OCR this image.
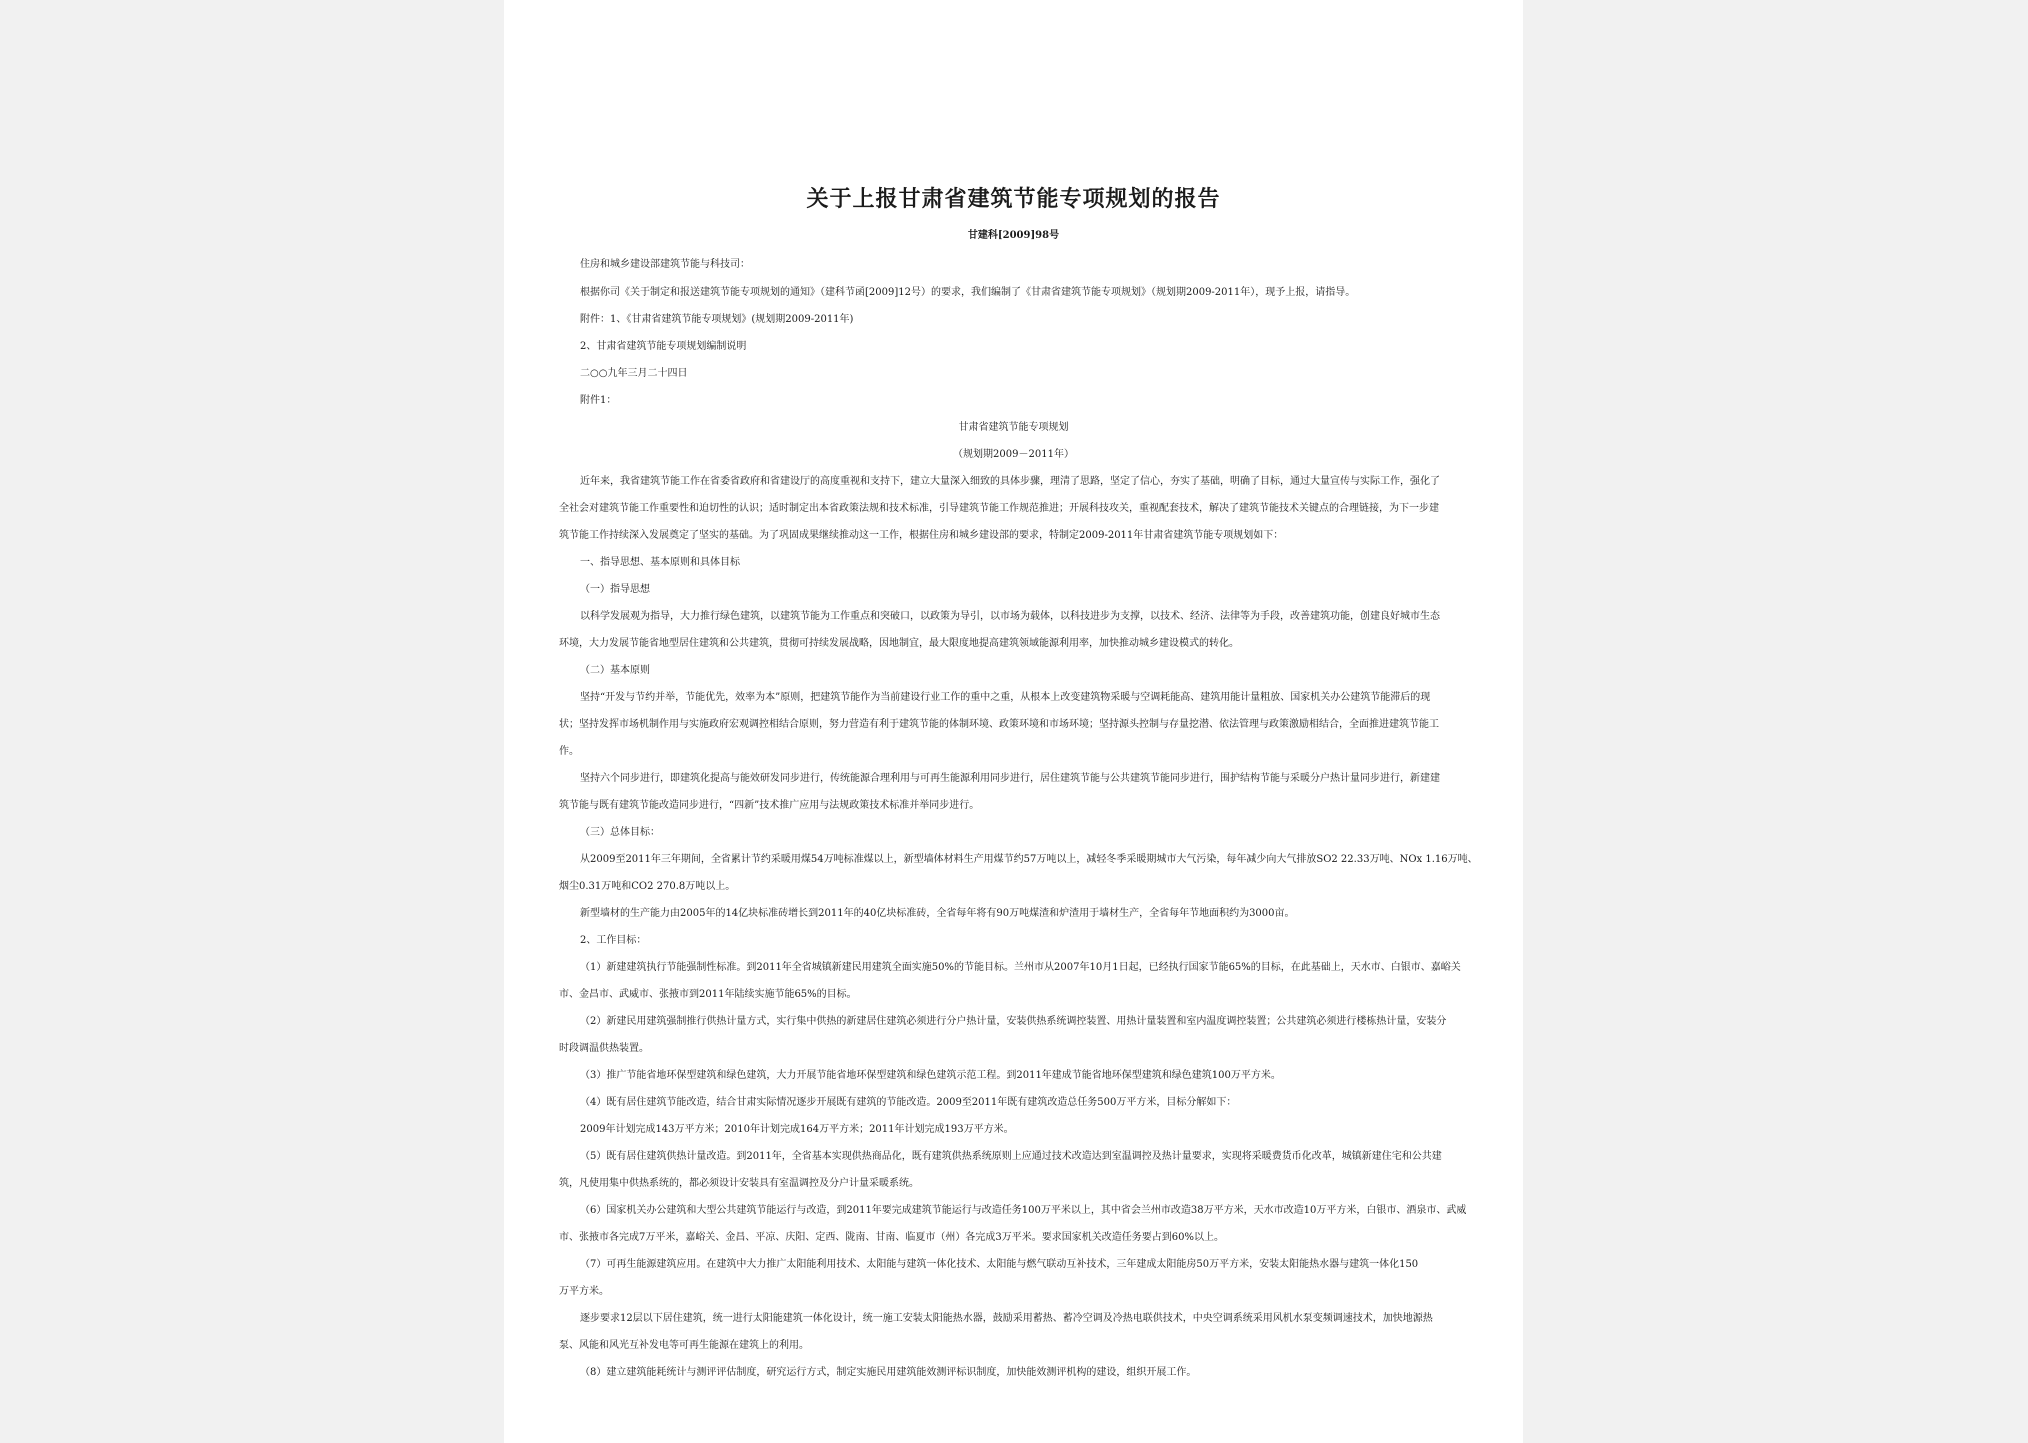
关于上报甘肃省建筑节能专项规划的报告
甘建科[2009]98号
住房和城乡建设部建筑节能与科技司：
根据你司《关于制定和报送建筑节能专项规划的通知》（建科节函[2009]12号）的要求，我们编制了《甘肃省建筑节能专项规划》（规划期2009-2011年），现予上报，请指导。
附件：1、《甘肃省建筑节能专项规划》(规划期2009-2011年)
2、甘肃省建筑节能专项规划编制说明
二○○九年三月二十四日
附件1：
甘肃省建筑节能专项规划
（规划期2009－2011年）
近年来，我省建筑节能工作在省委省政府和省建设厅的高度重视和支持下，建立大量深入细致的具体步骤，理清了思路，坚定了信心，夯实了基础，明确了目标，通过大量宣传与实际工作，强化了
全社会对建筑节能工作重要性和迫切性的认识；适时制定出本省政策法规和技术标准，引导建筑节能工作规范推进；开展科技攻关，重视配套技术，解决了建筑节能技术关键点的合理链接，为下一步建
筑节能工作持续深入发展奠定了坚实的基础。为了巩固成果继续推动这一工作，根据住房和城乡建设部的要求，特制定2009-2011年甘肃省建筑节能专项规划如下：
一、指导思想、基本原则和具体目标
（一）指导思想
以科学发展观为指导，大力推行绿色建筑，以建筑节能为工作重点和突破口，以政策为导引，以市场为载体，以科技进步为支撑，以技术、经济、法律等为手段，改善建筑功能，创建良好城市生态
环境，大力发展节能省地型居住建筑和公共建筑，贯彻可持续发展战略，因地制宜，最大限度地提高建筑领域能源利用率，加快推动城乡建设模式的转化。
（二）基本原则
坚持“开发与节约并举，节能优先，效率为本”原则，把建筑节能作为当前建设行业工作的重中之重，从根本上改变建筑物采暖与空调耗能高、建筑用能计量粗放、国家机关办公建筑节能滞后的现
状；坚持发挥市场机制作用与实施政府宏观调控相结合原则，努力营造有利于建筑节能的体制环境、政策环境和市场环境；坚持源头控制与存量挖潜、依法管理与政策激励相结合，全面推进建筑节能工
作。
坚持六个同步进行，即建筑化提高与能效研发同步进行，传统能源合理利用与可再生能源利用同步进行，居住建筑节能与公共建筑节能同步进行，围护结构节能与采暖分户热计量同步进行，新建建
筑节能与既有建筑节能改造同步进行，“四新”技术推广应用与法规政策技术标准并举同步进行。
（三）总体目标：
从2009至2011年三年期间，全省累计节约采暖用煤54万吨标准煤以上，新型墙体材料生产用煤节约57万吨以上，减轻冬季采暖期城市大气污染，每年减少向大气排放SO2 22.33万吨、NOx 1.16万吨、
烟尘0.31万吨和CO2 270.8万吨以上。
新型墙材的生产能力由2005年的14亿块标准砖增长到2011年的40亿块标准砖，全省每年将有90万吨煤渣和炉渣用于墙材生产，全省每年节地面积约为3000亩。
2、工作目标：
（1）新建建筑执行节能强制性标准。到2011年全省城镇新建民用建筑全面实施50%的节能目标。兰州市从2007年10月1日起，已经执行国家节能65%的目标，在此基础上，天水市、白银市、嘉峪关
市、金昌市、武威市、张掖市到2011年陆续实施节能65%的目标。
（2）新建民用建筑强制推行供热计量方式，实行集中供热的新建居住建筑必须进行分户热计量，安装供热系统调控装置、用热计量装置和室内温度调控装置；公共建筑必须进行楼栋热计量，安装分
时段调温供热装置。
（3）推广节能省地环保型建筑和绿色建筑，大力开展节能省地环保型建筑和绿色建筑示范工程。到2011年建成节能省地环保型建筑和绿色建筑100万平方米。
（4）既有居住建筑节能改造，结合甘肃实际情况逐步开展既有建筑的节能改造。2009至2011年既有建筑改造总任务500万平方米，目标分解如下：
2009年计划完成143万平方米；2010年计划完成164万平方米；2011年计划完成193万平方米。
（5）既有居住建筑供热计量改造。到2011年，全省基本实现供热商品化，既有建筑供热系统原则上应通过技术改造达到室温调控及热计量要求，实现将采暖费货币化改革，城镇新建住宅和公共建
筑，凡使用集中供热系统的，都必须设计安装具有室温调控及分户计量采暖系统。
（6）国家机关办公建筑和大型公共建筑节能运行与改造，到2011年要完成建筑节能运行与改造任务100万平米以上，其中省会兰州市改造38万平方米，天水市改造10万平方米，白银市、酒泉市、武威
市、张掖市各完成7万平米，嘉峪关、金昌、平凉、庆阳、定西、陇南、甘南、临夏市（州）各完成3万平米。要求国家机关改造任务要占到60%以上。
（7）可再生能源建筑应用。在建筑中大力推广太阳能利用技术、太阳能与建筑一体化技术、太阳能与燃气联动互补技术，三年建成太阳能房50万平方米，安装太阳能热水器与建筑一体化150
万平方米。
逐步要求12层以下居住建筑，统一进行太阳能建筑一体化设计，统一施工安装太阳能热水器，鼓励采用蓄热、蓄冷空调及冷热电联供技术，中央空调系统采用风机水泵变频调速技术，加快地源热
泵、风能和风光互补发电等可再生能源在建筑上的利用。
（8）建立建筑能耗统计与测评评估制度，研究运行方式，制定实施民用建筑能效测评标识制度，加快能效测评机构的建设，组织开展工作。
